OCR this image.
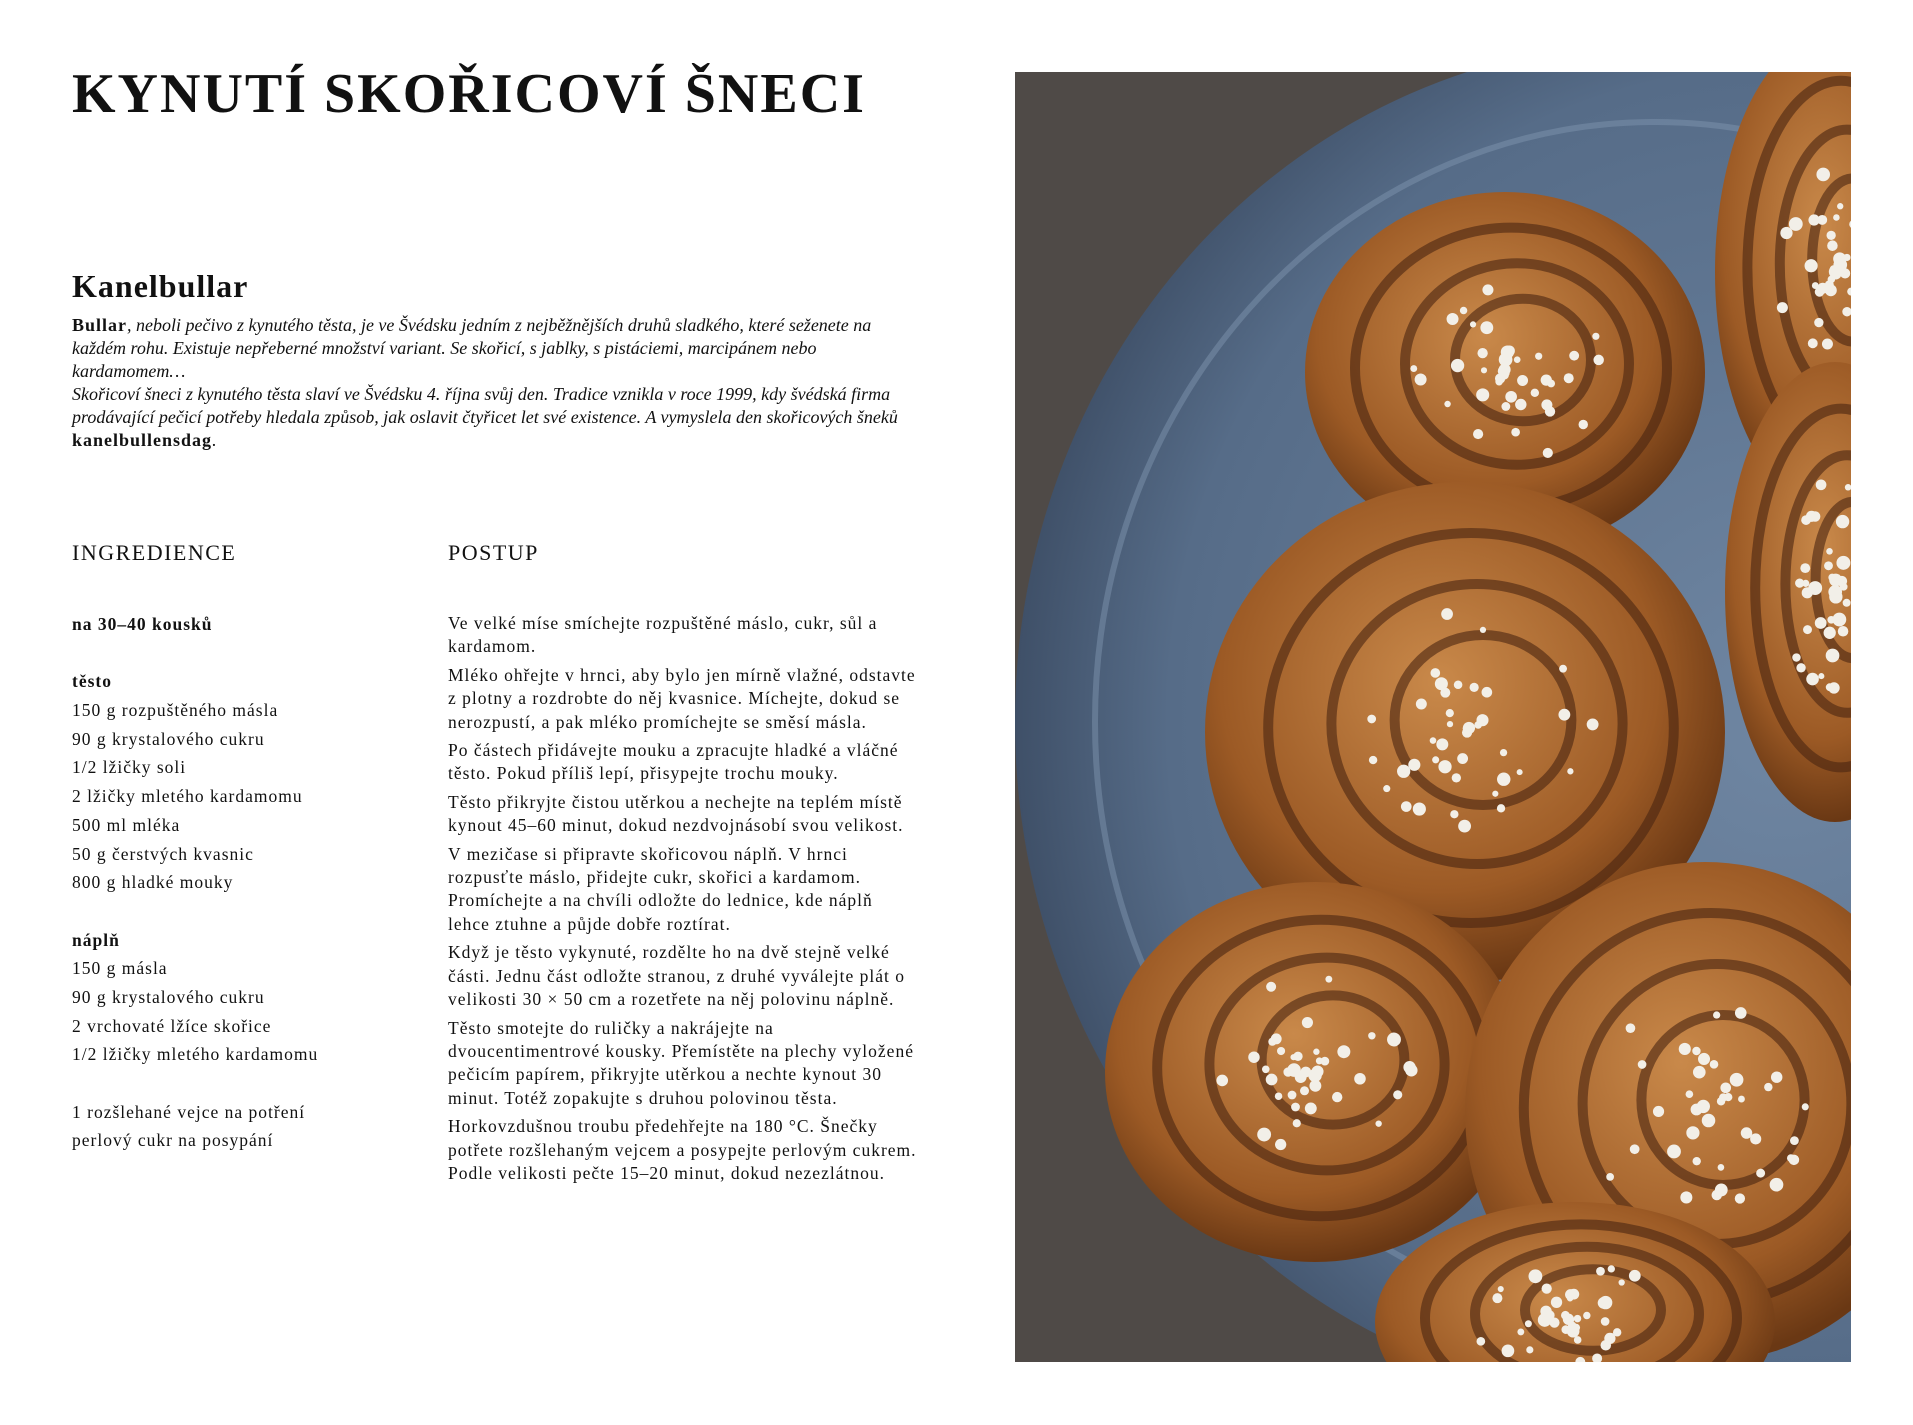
KYNUTÍ SKOŘICOVÍ ŠNECI
Kanelbullar

Bullar, neboli pečivo z kynutého těsta, je ve Švédsku jedním z nejběžnějších druhů sladkého, které seženete na každém rohu. Existuje nepřeberné množství variant. Se skořicí, s jablky, s pistáciemi, marcipánem nebo kardamomem…

Skořicoví šneci z kynutého těsta slaví ve Švédsku 4. října svůj den. Tradice vznikla v roce 1999, kdy švédská firma prodávající pečicí potřeby hledala způsob, jak oslavit čtyřicet let své existence. A vymyslela den skořicových šneků kanelbullensdag.

INGREDIENCE	POSTUP
na 30–40 kousků
těsto
150 g rozpuštěného másla
90 g krystalového cukru
1/2 lžičky soli
2 lžičky mletého kardamomu
500 ml mléka
50 g čerstvých kvasnic
800 g hladké mouky
náplň
150 g másla
90 g krystalového cukru
2 vrchovaté lžíce skořice
1/2 lžičky mletého kardamomu
1 rozšlehané vejce na potření
perlový cukr na posypání

Ve velké míse smíchejte rozpuštěné máslo, cukr, sůl a kardamom.

Mléko ohřejte v hrnci, aby bylo jen mírně vlažné, odstavte z plotny a rozdrobte do něj kvasnice. Míchejte, dokud se nerozpustí, a pak mléko promíchejte se směsí másla.

Po částech přidávejte mouku a zpracujte hladké a vláčné těsto. Pokud příliš lepí, přisypejte trochu mouky.

Těsto přikryjte čistou utěrkou a nechejte na teplém místě kynout 45–60 minut, dokud nezdvojnásobí svou velikost.

V mezičase si připravte skořicovou náplň. V hrnci rozpusťte máslo, přidejte cukr, skořici a kardamom. Promíchejte a na chvíli odložte do lednice, kde náplň lehce ztuhne a půjde dobře roztírat.

Když je těsto vykynuté, rozdělte ho na dvě stejně velké části. Jednu část odložte stranou, z druhé vyválejte plát o velikosti 30 × 50 cm a rozetřete na něj polovinu náplně.

Těsto smotejte do ruličky a nakrájejte na dvoucentimentrové kousky. Přemístěte na plechy vyložené pečicím papírem, přikryjte utěrkou a nechte kynout 30 minut. Totéž zopakujte s druhou polovinou těsta.

Horkovzdušnou troubu předehřejte na 180 °C. Šnečky potřete rozšlehaným vejcem a posypejte perlovým cukrem. Podle velikosti pečte 15–20 minut, dokud nezezlátnou.
